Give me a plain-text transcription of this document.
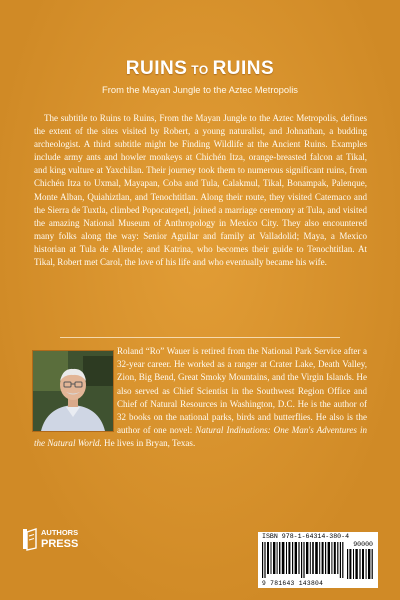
RUINS TO RUINS
From the Mayan Jungle to the Aztec Metropolis

The subtitle to Ruins to Ruins, From the Mayan Jungle to the Aztec Metropolis, defines the extent of the sites visited by Robert, a young naturalist, and Johnathan, a budding archeologist. A third subtitle might be Finding Wildlife at the Ancient Ruins. Examples include army ants and howler monkeys at Chichén Itza, orange-breasted falcon at Tikal, and king vulture at Yaxchilan. Their journey took them to numerous significant ruins, from Chichén Itza to Uxmal, Mayapan, Coba and Tula, Calakmul, Tikal, Bonampak, Palenque, Monte Alban, Quiahiztlan, and Tenochtitlan. Along their route, they visited Catemaco and the Sierra de Tuxtla, climbed Popocatepetl, joined a marriage ceremony at Tula, and visited the amazing National Museum of Anthropology in Mexico City. They also encountered many folks along the way: Senior Aguilar and family at Valladolid; Maya, a Mexico historian at Tula de Allende; and Katrina, who becomes their guide to Tenochtitlan. At Tikal, Robert met Carol, the love of his life and who eventually became his wife.

Roland “Ro” Wauer is retired from the National Park Service after a 32-year career. He worked as a ranger at Crater Lake, Death Valley, Zion, Big Bend, Great Smoky Mountains, and the Virgin Islands. He also served as Chief Scientist in the Southwest Region Office and Chief of Natural Resources in Washington, D.C. He is the author of 32 books on the national parks, birds and butterflies. He also is the author of one novel: Natural Indinations: One Man's Adventures in the Natural World. He lives in Bryan, Texas.

AUTHORS
PRESS
ISBN 978-1-64314-380-4
90000
9 781643 143804
